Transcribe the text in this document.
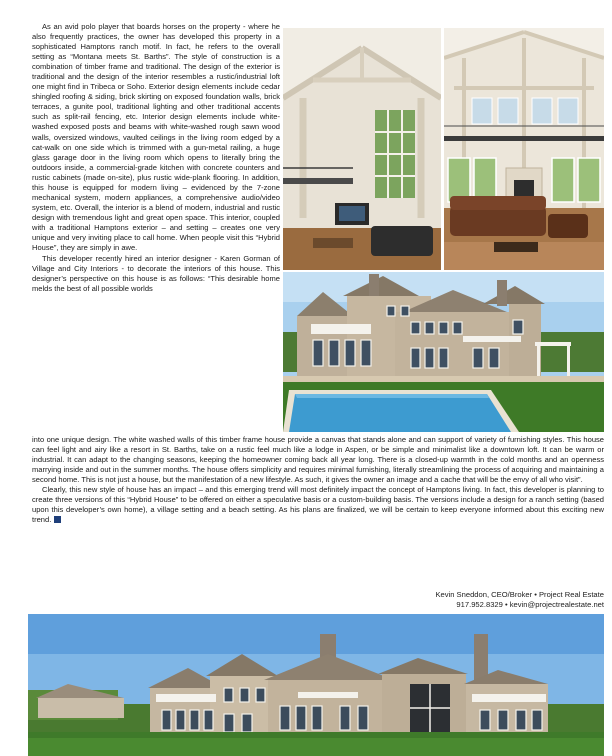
As an avid polo player that boards horses on the property - where he also frequently practices, the owner has developed this property in a sophisticated Hamptons ranch motif. In fact, he refers to the overall setting as “Montana meets St. Barths”. The style of construction is a combination of timber frame and traditional. The design of the exterior is traditional and the design of the interior resembles a rustic/industrial loft one might find in Tribeca or Soho. Exterior design elements include cedar shingled roofing & siding, brick skirting on exposed foundation walls, brick terraces, a gunite pool, traditional lighting and other traditional accents such as split-rail fencing, etc. Interior design elements include white-washed exposed posts and beams with white-washed rough sawn wood walls, oversized windows, vaulted ceilings in the living room edged by a cat-walk on one side which is trimmed with a gun-metal railing, a huge glass garage door in the living room which opens to literally bring the outdoors inside, a commercial-grade kitchen with concrete counters and rustic cabinets (made on-site), plus rustic wide-plank flooring. In addition, this house is equipped for modern living – evidenced by the 7-zone mechanical system, modern appliances, a comprehensive audio/video system, etc. Overall, the interior is a blend of modern, industrial and rustic design with tremendous light and great open space. This interior, coupled with a traditional Hamptons exterior – and setting – creates one very unique and very inviting place to call home. When people visit this “Hybrid House”, they are simply in awe.

This developer recently hired an interior designer - Karen Gorman of Village and City Interiors - to decorate the interiors of this house. This designer’s perspective on this house is as follows: “This desirable home melds the best of all possible worlds

into one unique design. The white washed walls of this timber frame house provide a canvas that stands alone and can support of variety of furnishing styles. This house can feel light and airy like a resort in St. Barths, take on a rustic feel much like a lodge in Aspen, or be simple and minimalist like a downtown loft. It can be warm or industrial. It can adapt to the changing seasons, keeping the homeowner coming back all year long. There is a closed-up warmth in the cold months and an openness marrying inside and out in the summer months. The house offers simplicity and requires minimal furnishing, literally streamlining the process of acquiring and maintaining a second home. This is not just a house, but the manifestation of a new lifestyle. As such, it gives the owner an image and a cache that will be the envy of all who visit”.

Clearly, this new style of house has an impact – and this emerging trend will most definitely impact the concept of Hamptons living. In fact, this developer is planning to create three versions of this “Hybrid House” to be offered on either a speculative basis or a custom-building basis. The versions include a design for a ranch setting (based upon this developer’s own home), a village setting and a beach setting. As his plans are finalized, we will be certain to keep everyone informed about this exciting new trend.

Kevin Sneddon, CEO/Broker • Project Real Estate
917.952.8329 • kevin@projectrealestate.net
